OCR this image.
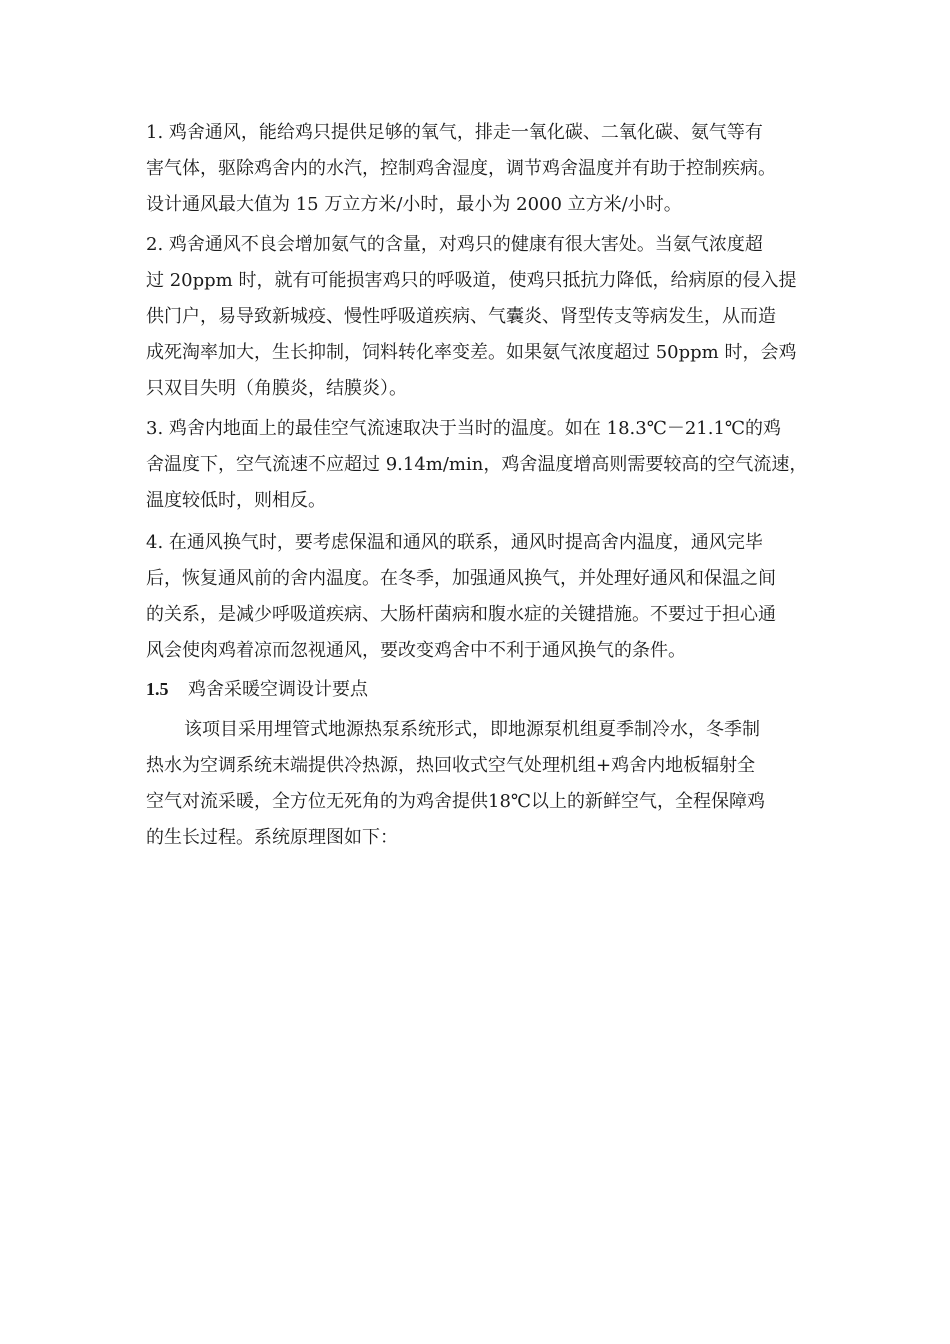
1. 鸡舍通风，能给鸡只提供足够的氧气，排走一氧化碳、二氧化碳、氨气等有
害气体，驱除鸡舍内的水汽，控制鸡舍湿度，调节鸡舍温度并有助于控制疾病。
设计通风最大值为 15 万立方米/小时，最小为 2000 立方米/小时。

2. 鸡舍通风不良会增加氨气的含量，对鸡只的健康有很大害处。当氨气浓度超
过 20ppm 时，就有可能损害鸡只的呼吸道，使鸡只抵抗力降低，给病原的侵入提
供门户，易导致新城疫、慢性呼吸道疾病、气囊炎、肾型传支等病发生，从而造
成死淘率加大，生长抑制，饲料转化率变差。如果氨气浓度超过 50ppm 时，会鸡
只双目失明（角膜炎，结膜炎）。

3. 鸡舍内地面上的最佳空气流速取决于当时的温度。如在 18.3℃－21.1℃的鸡
舍温度下，空气流速不应超过 9.14m/min，鸡舍温度增高则需要较高的空气流速，
温度较低时，则相反。

4. 在通风换气时，要考虑保温和通风的联系，通风时提高舍内温度，通风完毕
后，恢复通风前的舍内温度。在冬季，加强通风换气，并处理好通风和保温之间
的关系，是减少呼吸道疾病、大肠杆菌病和腹水症的关键措施。不要过于担心通
风会使肉鸡着凉而忽视通风，要改变鸡舍中不利于通风换气的条件。

1.5 鸡舍采暖空调设计要点

该项目采用埋管式地源热泵系统形式，即地源泵机组夏季制冷水，冬季制
热水为空调系统末端提供冷热源，热回收式空气处理机组+鸡舍内地板辐射全
空气对流采暖，全方位无死角的为鸡舍提供18℃以上的新鲜空气，全程保障鸡
的生长过程。系统原理图如下：
